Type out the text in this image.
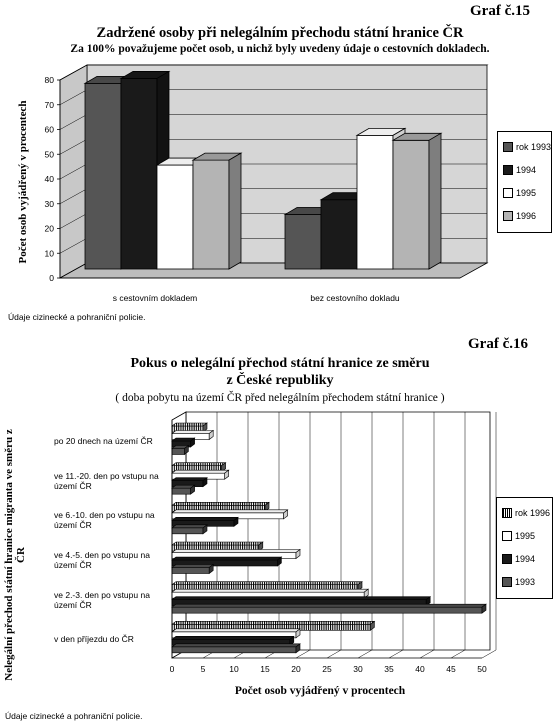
Graf č.15
Zadržené osoby při nelegálním přechodu státní hranice ČR
Za 100% považujeme počet osob, u nichž byly uvedeny údaje o cestovních dokladech.
0
10
20
30
40
50
60
70
80
Počet osob vyjádřený v procentech
s cestovním dokladem	bez cestovního dokladu
rok 1993
1994
1995
1996
Údaje cizinecké a pohraniční policie.
Graf č.16
Pokus o nelegální přechod státní hranice ze směru
z České republiky
( doba pobytu na území ČR před nelegálním přechodem státní hranice )
0	5	10	15	20	25	30	35	40	45	50
Nelegální přechod státní hranice migranta ve směru z ČR
po 20 dnech na území ČR
ve 11.-20. den po vstupu na území ČR
ve 6.-10. den po vstupu na území ČR
ve 4.-5. den po vstupu na území ČR
ve 2.-3. den po vstupu na území ČR
v den příjezdu do ČR
Počet osob vyjádřený v procentech
rok 1996
1995
1994
1993
Údaje cizinecké a pohraniční policie.
